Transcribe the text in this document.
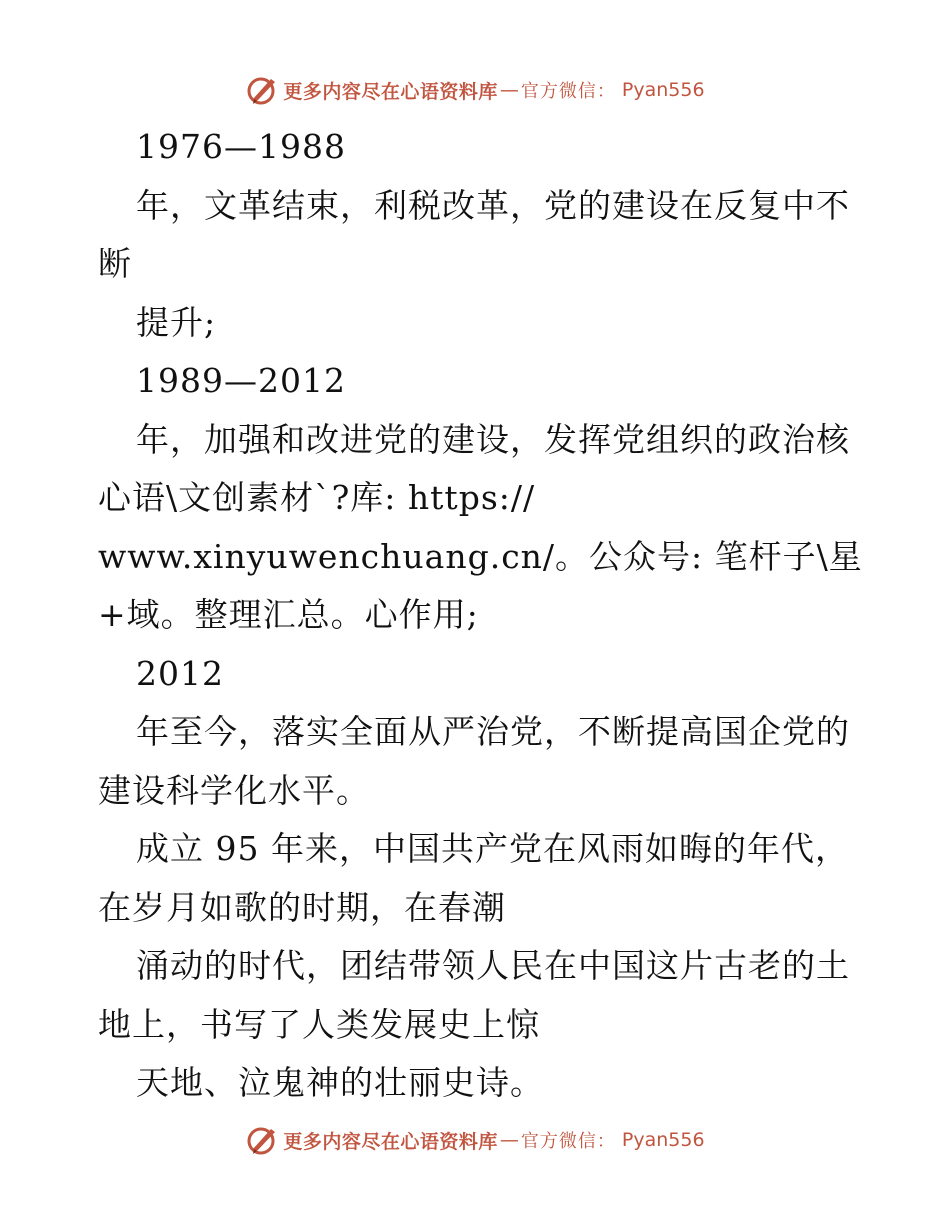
更多内容尽在心语资料库 — 官方微信： Pyan556
1976—1988
年，文革结束，利税改革，党的建设在反复中不
断
提升;
1989—2012
年，加强和改进党的建设，发挥党组织的政治核
心语\文创素材`?库: https://
www.xinyuwenchuang.cn/。公众号: 笔杆子\星
+域。整理汇总。心作用;
2012
年至今，落实全面从严治党，不断提高国企党的
建设科学化水平。
成立 95 年来，中国共产党在风雨如晦的年代，
在岁月如歌的时期，在春潮
涌动的时代，团结带领人民在中国这片古老的土
地上，书写了人类发展史上惊
天地、泣鬼神的壮丽史诗。
更多内容尽在心语资料库 — 官方微信： Pyan556
